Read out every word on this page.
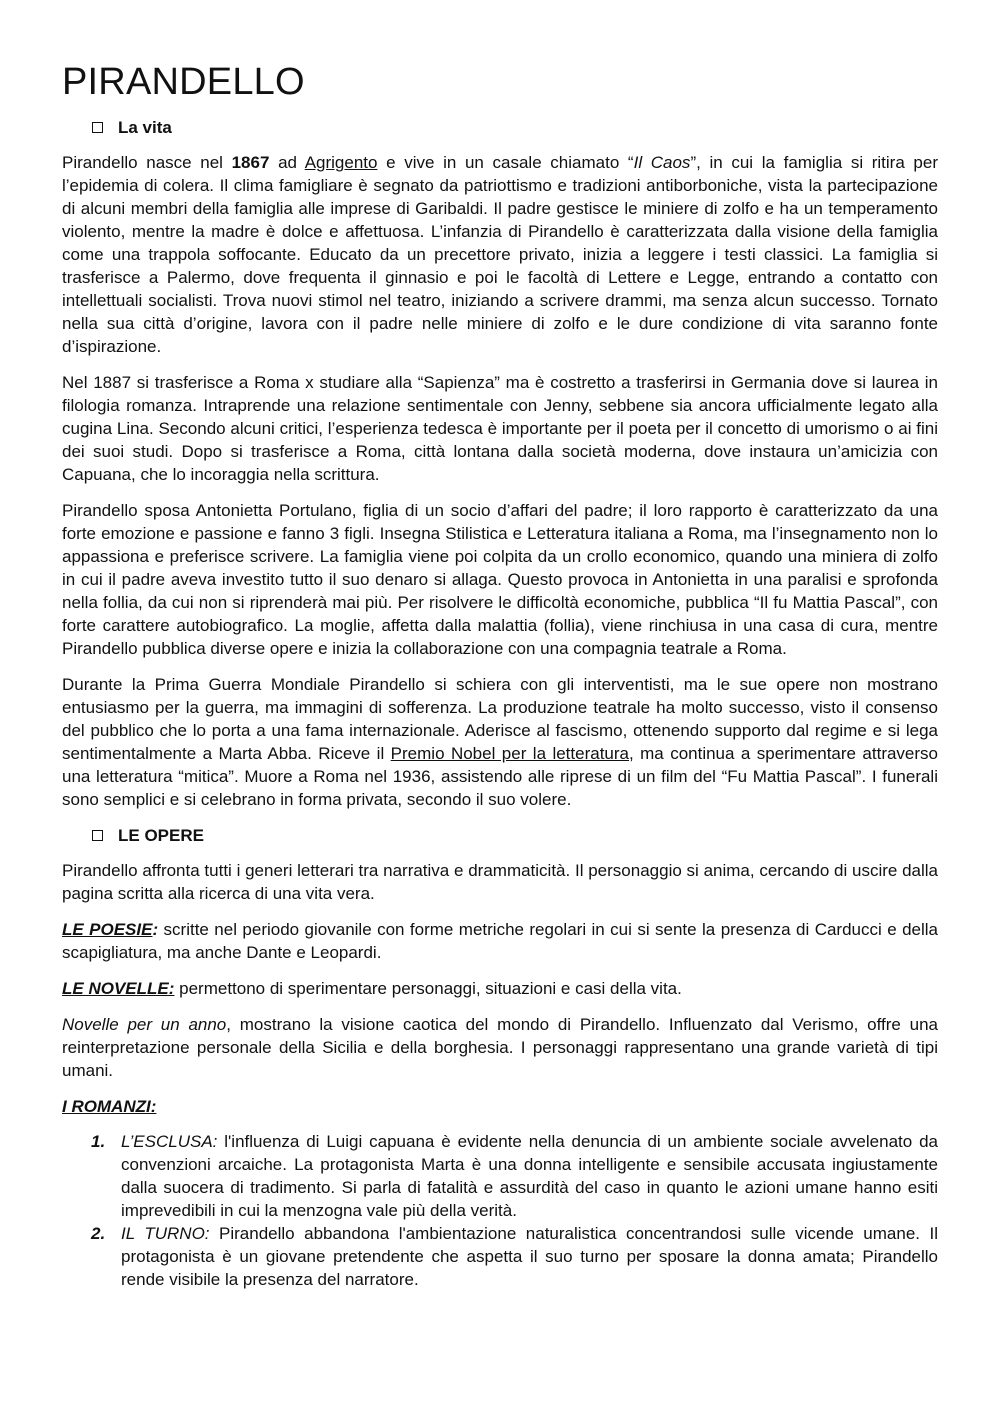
PIRANDELLO
La vita

Pirandello nasce nel 1867 ad Agrigento e vive in un casale chiamato “Il Caos”, in cui la famiglia si ritira per l’epidemia di colera. Il clima famigliare è segnato da patriottismo e tradizioni antiborboniche, vista la partecipazione di alcuni membri della famiglia alle imprese di Garibaldi. Il padre gestisce le miniere di zolfo e ha un temperamento violento, mentre la madre è dolce e affettuosa. L’infanzia di Pirandello è caratterizzata dalla visione della famiglia come una trappola soffocante. Educato da un precettore privato, inizia a leggere i testi classici. La famiglia si trasferisce a Palermo, dove frequenta il ginnasio e poi le facoltà di Lettere e Legge, entrando a contatto con intellettuali socialisti. Trova nuovi stimol nel teatro, iniziando a scrivere drammi, ma senza alcun successo. Tornato nella sua città d’origine, lavora con il padre nelle miniere di zolfo e le dure condizione di vita saranno fonte d’ispirazione.

Nel 1887 si trasferisce a Roma x studiare alla “Sapienza” ma è costretto a trasferirsi in Germania dove si laurea in filologia romanza. Intraprende una relazione sentimentale con Jenny, sebbene sia ancora ufficialmente legato alla cugina Lina. Secondo alcuni critici, l’esperienza tedesca è importante per il poeta per il concetto di umorismo o ai fini dei suoi studi. Dopo si trasferisce a Roma, città lontana dalla società moderna, dove instaura un’amicizia con Capuana, che lo incoraggia nella scrittura.

Pirandello sposa Antonietta Portulano, figlia di un socio d’affari del padre; il loro rapporto è caratterizzato da una forte emozione e passione e fanno 3 figli. Insegna Stilistica e Letteratura italiana a Roma, ma l’insegnamento non lo appassiona e preferisce scrivere. La famiglia viene poi colpita da un crollo economico, quando una miniera di zolfo in cui il padre aveva investito tutto il suo denaro si allaga. Questo provoca in Antonietta in una paralisi e sprofonda nella follia, da cui non si riprenderà mai più. Per risolvere le difficoltà economiche, pubblica “Il fu Mattia Pascal”, con forte carattere autobiografico. La moglie, affetta dalla malattia (follia), viene rinchiusa in una casa di cura, mentre Pirandello pubblica diverse opere e inizia la collaborazione con una compagnia teatrale a Roma.

Durante la Prima Guerra Mondiale Pirandello si schiera con gli interventisti, ma le sue opere non mostrano entusiasmo per la guerra, ma immagini di sofferenza. La produzione teatrale ha molto successo, visto il consenso del pubblico che lo porta a una fama internazionale. Aderisce al fascismo, ottenendo supporto dal regime e si lega sentimentalmente a Marta Abba. Riceve il Premio Nobel per la letteratura, ma continua a sperimentare attraverso una letteratura “mitica”. Muore a Roma nel 1936, assistendo alle riprese di un film del “Fu Mattia Pascal”. I funerali sono semplici e si celebrano in forma privata, secondo il suo volere.

LE OPERE

Pirandello affronta tutti i generi letterari tra narrativa e drammaticità. Il personaggio si anima, cercando di uscire dalla pagina scritta alla ricerca di una vita vera.

LE POESIE: scritte nel periodo giovanile con forme metriche regolari in cui si sente la presenza di Carducci e della scapigliatura, ma anche Dante e Leopardi.

LE NOVELLE: permettono di sperimentare personaggi, situazioni e casi della vita.

Novelle per un anno, mostrano la visione caotica del mondo di Pirandello. Influenzato dal Verismo, offre una reinterpretazione personale della Sicilia e della borghesia. I personaggi rappresentano una grande varietà di tipi umani.

I ROMANZI:

1. L’ESCLUSA: l'influenza di Luigi capuana è evidente nella denuncia di un ambiente sociale avvelenato da convenzioni arcaiche. La protagonista Marta è una donna intelligente e sensibile accusata ingiustamente dalla suocera di tradimento. Si parla di fatalità e assurdità del caso in quanto le azioni umane hanno esiti imprevedibili in cui la menzogna vale più della verità.
2. IL TURNO: Pirandello abbandona l'ambientazione naturalistica concentrandosi sulle vicende umane. Il protagonista è un giovane pretendente che aspetta il suo turno per sposare la donna amata; Pirandello rende visibile la presenza del narratore.
